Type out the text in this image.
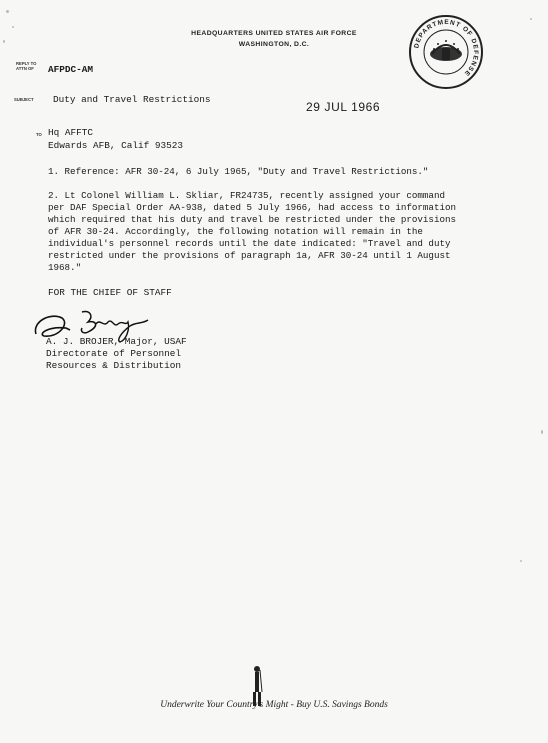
HEADQUARTERS UNITED STATES AIR FORCE
WASHINGTON, D.C.	DEPARTMENT OF DEFENSE
REPLY TO
ATTN OF AFPDC-AM
SUBJECT Duty and Travel Restrictions
29 JUL 1966
TO Hq AFFTC
Edwards AFB, Calif 93523
1. Reference: AFR 30-24, 6 July 1965, "Duty and Travel Restrictions."
2. Lt Colonel William L. Skliar, FR24735, recently assigned your command
per DAF Special Order AA-938, dated 5 July 1966, had access to information
which required that his duty and travel be restricted under the provisions
of AFR 30-24. Accordingly, the following notation will remain in the
individual's personnel records until the date indicated: "Travel and duty
restricted under the provisions of paragraph 1a, AFR 30-24 until 1 August
1968."
FOR THE CHIEF OF STAFF
A. J. BROJER, Major, USAF
Directorate of Personnel
Resources & Distribution
Underwrite Your Country's Might - Buy U.S. Savings Bonds
